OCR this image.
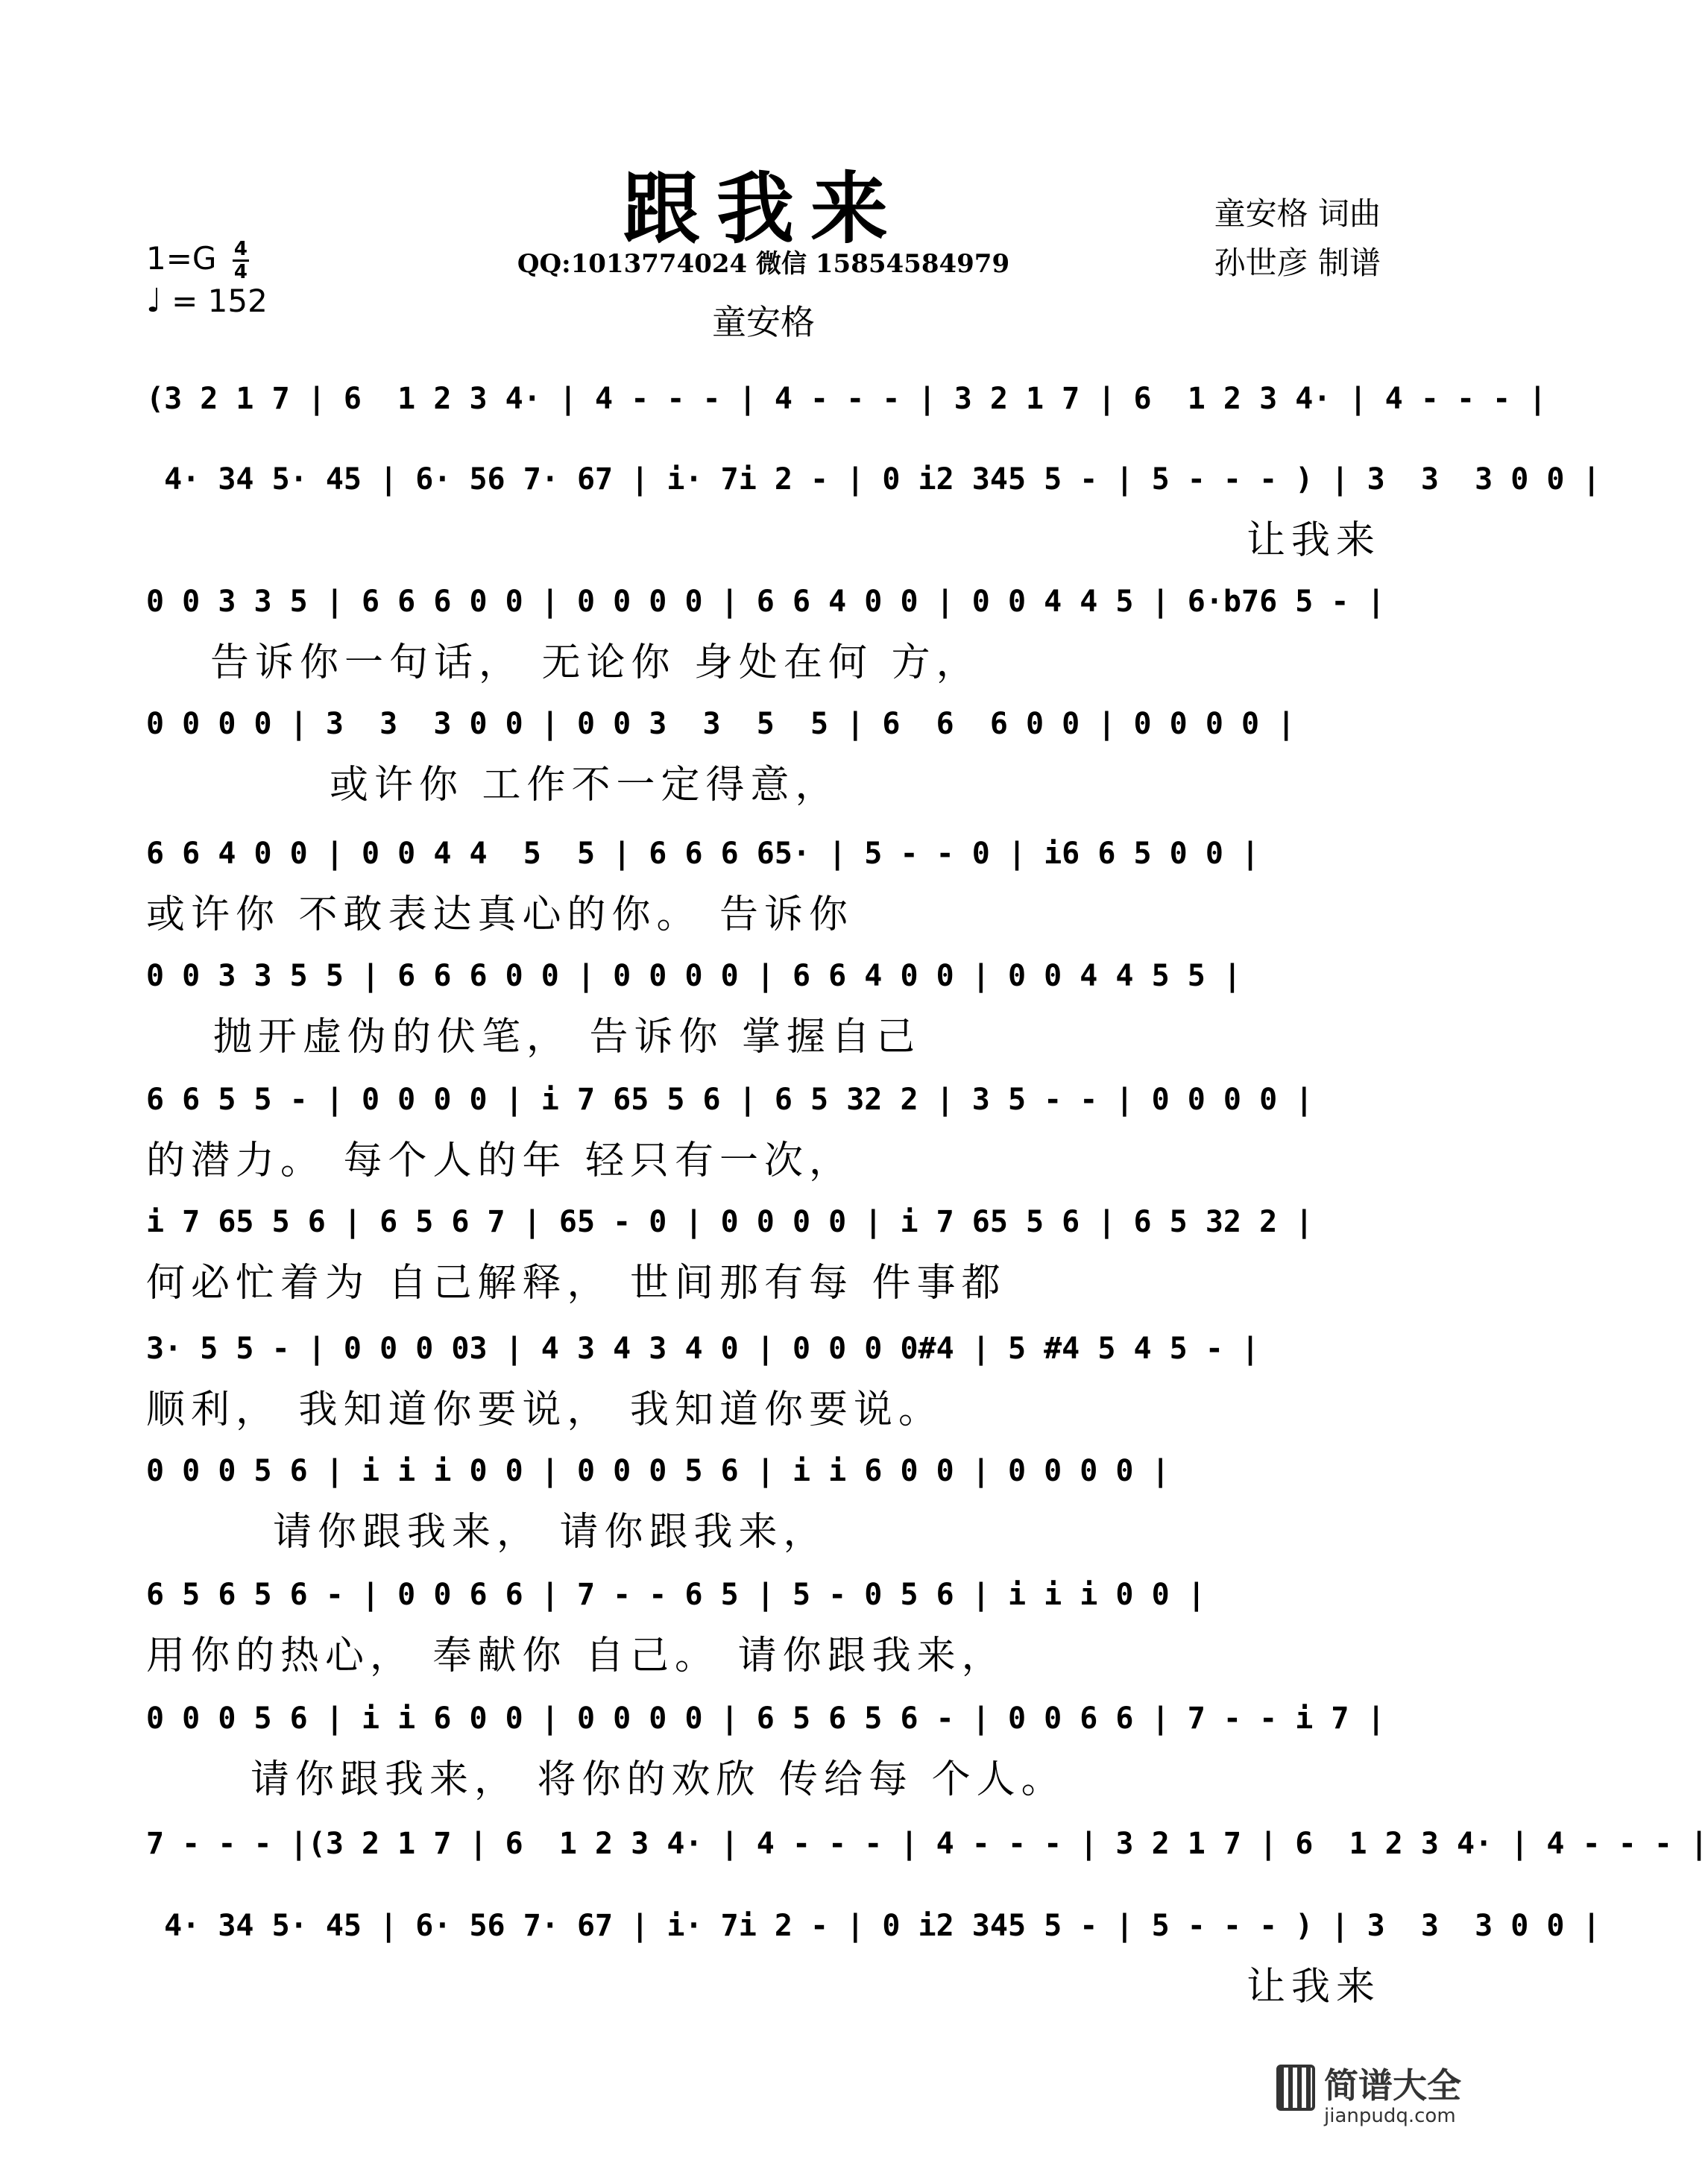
跟我来	童安格 词曲
孙世彦 制谱
$1=G \frac{4}{4}$
♩ = 152
QQ:1013774024 微信 15854584979
童安格
(3 2 1 7 | 6  1 2 3 4· | 4 - - - | 4 - - - | 3 2 1 7 | 6  1 2 3 4· | 4 - - - |
4· 34 5· 45 | 6· 56 7· 67 | i· 7i 2 - | 0 i2 345 5 - | 5 - - - ) | 3  3  3 0 0 |
让我来
0 0 3 3 5 | 6 6 6 0 0 | 0 0 0 0 | 6 6 4 0 0 | 0 0 4 4 5 | 6·b76 5 - |
告诉你一句话， 无论你 身处在何 方，
0 0 0 0 | 3  3  3 0 0 | 0 0 3  3  5  5 | 6  6  6 0 0 | 0 0 0 0 |
或许你 工作不一定得意，
6 6 4 0 0 | 0 0 4 4  5  5 | 6 6 6 65· | 5 - - 0 | i6 6 5 0 0 |
或许你 不敢表达真心的你。 告诉你
0 0 3 3 5 5 | 6 6 6 0 0 | 0 0 0 0 | 6 6 4 0 0 | 0 0 4 4 5 5 |
抛开虚伪的伏笔， 告诉你 掌握自己
6 6 5 5 - | 0 0 0 0 | i 7 65 5 6 | 6 5 32 2 | 3 5 - - | 0 0 0 0 |
的潜力。 每个人的年 轻只有一次，
i 7 65 5 6 | 6 5 6 7 | 65 - 0 | 0 0 0 0 | i 7 65 5 6 | 6 5 32 2 |
何必忙着为 自己解释， 世间那有每 件事都
3· 5 5 - | 0 0 0 03 | 4 3 4 3 4 0 | 0 0 0 0#4 | 5 #4 5 4 5 - |
顺利， 我知道你要说， 我知道你要说。
0 0 0 5 6 | i i i 0 0 | 0 0 0 5 6 | i i 6 0 0 | 0 0 0 0 |
请你跟我来， 请你跟我来，
6 5 6 5 6 - | 0 0 6 6 | 7 - - 6 5 | 5 - 0 5 6 | i i i 0 0 |
用你的热心， 奉献你 自己。 请你跟我来，
0 0 0 5 6 | i i 6 0 0 | 0 0 0 0 | 6 5 6 5 6 - | 0 0 6 6 | 7 - - i 7 |
请你跟我来， 将你的欢欣 传给每 个人。
7 - - - |(3 2 1 7 | 6  1 2 3 4· | 4 - - - | 4 - - - | 3 2 1 7 | 6  1 2 3 4· | 4 - - - |
4· 34 5· 45 | 6· 56 7· 67 | i· 7i 2 - | 0 i2 345 5 - | 5 - - - ) | 3  3  3 0 0 |
让我来
简谱大全
jianpudq.com
